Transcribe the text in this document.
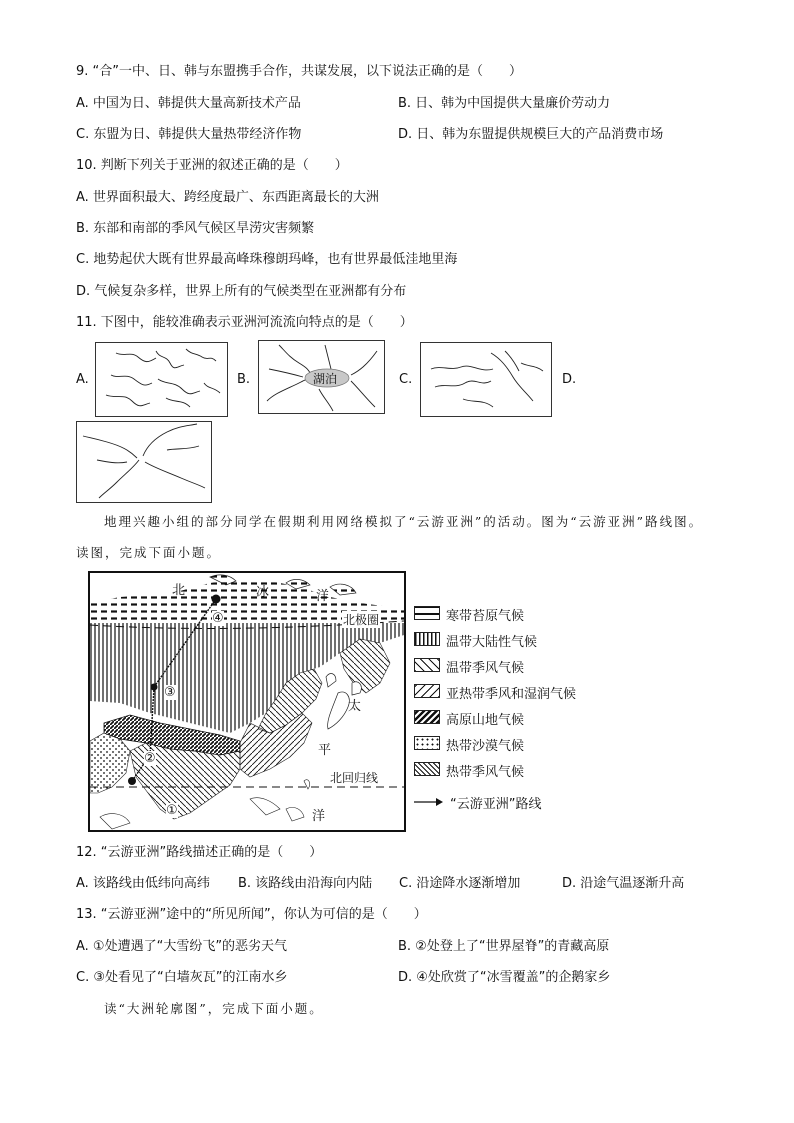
9. “合”一中、日、韩与东盟携手合作，共谋发展，以下说法正确的是（　　）
A. 中国为日、韩提供大量高新技术产品	B. 日、韩为中国提供大量廉价劳动力
C. 东盟为日、韩提供大量热带经济作物	D. 日、韩为东盟提供规模巨大的产品消费市场
10. 判断下列关于亚洲的叙述正确的是（　　）
A. 世界面积最大、跨经度最广、东西距离最长的大洲
B. 东部和南部的季风气候区旱涝灾害频繁
C. 地势起伏大既有世界最高峰珠穆朗玛峰，也有世界最低洼地里海
D. 气候复杂多样，世界上所有的气候类型在亚洲都有分布
11. 下图中，能较准确表示亚洲河流流向特点的是（　　）
A.	B.	湖泊	C.	D.
地理兴趣小组的部分同学在假期利用网络模拟了“云游亚洲”的活动。图为“云游亚洲”路线图。
读图，完成下面小题。
北	冰	洋
北极圈
太
平
北回归线
洋
①
②
③
④	寒带苔原气候
温带大陆性气候
温带季风气候
亚热带季风和湿润气候
高原山地气候
热带沙漠气候
热带季风气候
“云游亚洲”路线
12. “云游亚洲”路线描述正确的是（　　）
A. 该路线由低纬向高纬 B. 该路线由沿海向内陆 C. 沿途降水逐渐增加	D. 沿途气温逐渐升高
13. “云游亚洲”途中的“所见所闻”，你认为可信的是（　　）
A. ①处遭遇了“大雪纷飞”的恶劣天气	B. ②处登上了“世界屋脊”的青藏高原
C. ③处看见了“白墙灰瓦”的江南水乡	D. ④处欣赏了“冰雪覆盖”的企鹅家乡
读“大洲轮廓图”，完成下面小题。
